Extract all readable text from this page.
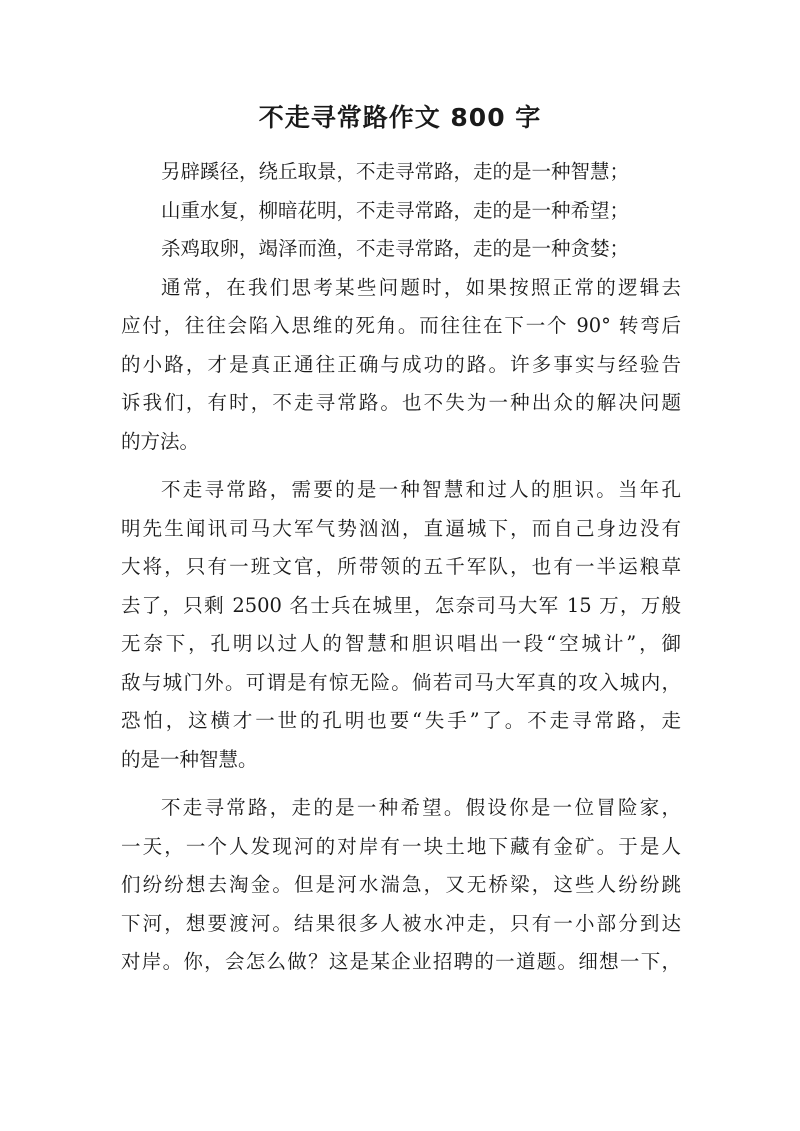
不走寻常路作文 800 字
另辟蹊径，绕丘取景，不走寻常路，走的是一种智慧；
山重水复，柳暗花明，不走寻常路，走的是一种希望；
杀鸡取卵，竭泽而渔，不走寻常路，走的是一种贪婪；
通常，在我们思考某些问题时，如果按照正常的逻辑去
应付，往往会陷入思维的死角。而往往在下一个 90° 转弯后
的小路，才是真正通往正确与成功的路。许多事实与经验告
诉我们，有时，不走寻常路。也不失为一种出众的解决问题
的方法。
不走寻常路，需要的是一种智慧和过人的胆识。当年孔
明先生闻讯司马大军气势汹汹，直逼城下，而自己身边没有
大将，只有一班文官，所带领的五千军队，也有一半运粮草
去了，只剩 2500 名士兵在城里，怎奈司马大军 15 万，万般
无奈下，孔明以过人的智慧和胆识唱出一段“空城计”，御
敌与城门外。可谓是有惊无险。倘若司马大军真的攻入城内，
恐怕，这横才一世的孔明也要“失手”了。不走寻常路，走
的是一种智慧。
不走寻常路，走的是一种希望。假设你是一位冒险家，
一天，一个人发现河的对岸有一块土地下藏有金矿。于是人
们纷纷想去淘金。但是河水湍急，又无桥梁，这些人纷纷跳
下河，想要渡河。结果很多人被水冲走，只有一小部分到达
对岸。你，会怎么做？这是某企业招聘的一道题。细想一下，
